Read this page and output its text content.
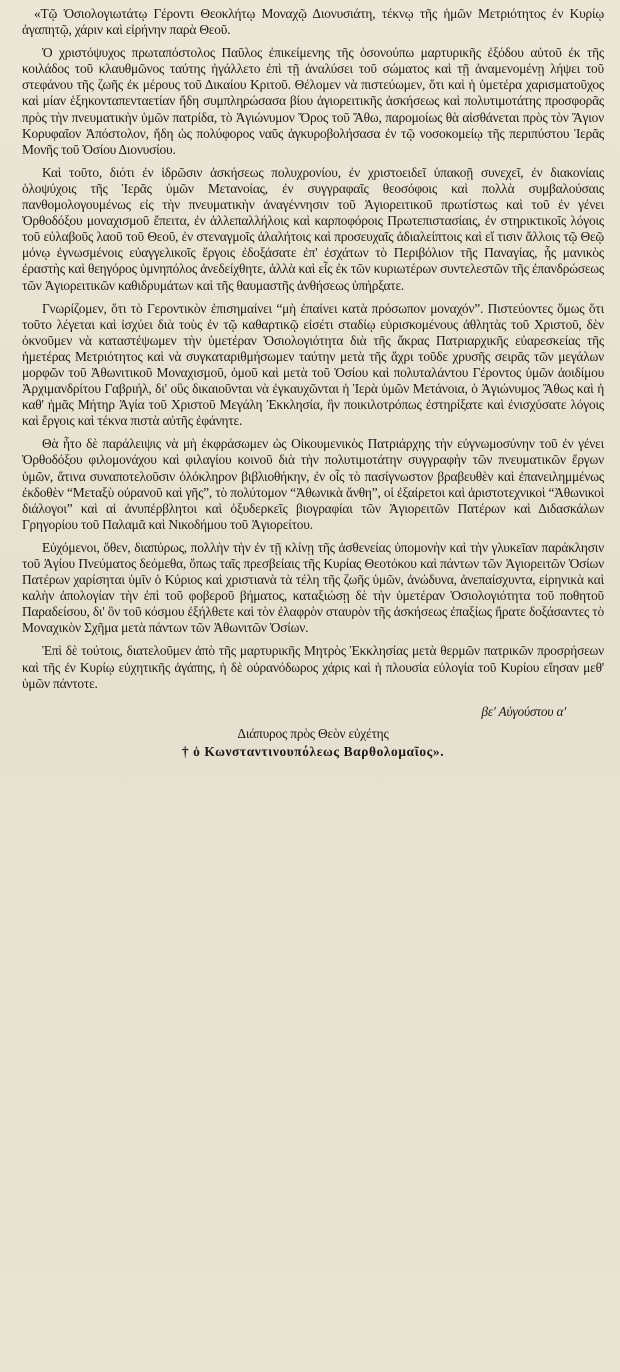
«Τῷ Ὁσιολογιωτάτῳ Γέροντι Θεοκλήτῳ Μοναχῷ Διονυσιάτη, τέκνῳ τῆς ἡμῶν Μετριότητος ἐν Κυρίῳ ἀγαπητῷ, χάριν καὶ εἰρήνην παρὰ Θεοῦ.

Ὁ χριστόψυχος πρωταπόστολος Παῦλος ἐπικείμενης τῆς ὁσονούπω μαρτυρικῆς ἐξόδου αὐτοῦ ἐκ τῆς κοιλάδος τοῦ κλαυθμῶνος ταύτης ἠγάλλετο ἐπὶ τῇ ἀναλύσει τοῦ σώματος καὶ τῇ ἀναμενομένῃ λήψει τοῦ στεφάνου τῆς ζωῆς ἐκ μέρους τοῦ Δικαίου Κριτοῦ. Θέλομεν νὰ πιστεύωμεν, ὅτι καὶ ἡ ὑμετέρα χαρισματοῦχος καὶ μίαν ἑξηκονταπενταετίαν ἤδη συμπληρώσασα βίου ἁγιορειτικῆς ἀσκήσεως καὶ πολυτιμοτάτης προσφορᾶς πρὸς τὴν πνευματικὴν ὑμῶν πατρίδα, τὸ Ἁγιώνυμον Ὄρος τοῦ Ἄθω, παρομοίως θὰ αἰσθάνεται πρὸς τὸν Ἅγιον Κορυφαῖον Ἀπόστολον, ἤδη ὡς πολύφορος ναῦς ἀγκυροβολήσασα ἐν τῷ νοσοκομείῳ τῆς περιπύστου Ἱερᾶς Μονῆς τοῦ Ὁσίου Διονυσίου.

Καὶ τοῦτο, διότι ἐν ἱδρῶσιν ἀσκήσεως πολυχρονίου, ἐν χριστοειδεῖ ὑπακοῇ συνεχεῖ, ἐν διακονίαις ὁλοψύχοις τῆς Ἱερᾶς ὑμῶν Μετανοίας, ἐν συγγραφαῖς θεοσόφοις καὶ πολλὰ συμβαλούσαις πανθομολογουμένως εἰς τὴν πνευματικὴν ἀναγέννησιν τοῦ Ἁγιορειτικοῦ πρωτίστως καὶ τοῦ ἐν γένει Ὀρθοδόξου μοναχισμοῦ ἔπειτα, ἐν ἀλλεπαλλήλοις καὶ καρποφόροις Πρωτεπιστασίαις, ἐν στηρικτικοῖς λόγοις τοῦ εὐλαβοῦς λαοῦ τοῦ Θεοῦ, ἐν στεναγμοῖς ἀλαλήτοις καὶ προσευχαῖς ἀδιαλείπτοις καὶ εἴ τισιν ἄλλοις τῷ Θεῷ μόνῳ ἐγνωσμένοις εὐαγγελικοῖς ἔργοις ἐδοξάσατε ἐπ' ἐσχάτων τὸ Περιβόλιον τῆς Παναγίας, ἧς μανικὸς ἐραστὴς καὶ θεηγόρος ὑμνηπόλος ἀνεδείχθητε, ἀλλὰ καὶ εἷς ἐκ τῶν κυριωτέρων συντελεστῶν τῆς ἐπανδρώσεως τῶν Ἁγιορειτικῶν καθιδρυμάτων καὶ τῆς θαυμαστῆς ἀνθήσεως ὑπήρξατε.

Γνωρίζομεν, ὅτι τὸ Γεροντικὸν ἐπισημαίνει “μὴ ἐπαίνει κατὰ πρόσωπον μοναχόν”. Πιστεύοντες ὅμως ὅτι τοῦτο λέγεται καὶ ἰσχύει διὰ τοὺς ἐν τῷ καθαρτικῷ εἰσέτι σταδίῳ εὑρισκομένους ἀθλητὰς τοῦ Χριστοῦ, δὲν ὀκνοῦμεν νὰ καταστέψωμεν τὴν ὑμετέραν Ὁσιολογιότητα διὰ τῆς ἄκρας Πατριαρχικῆς εὐαρεσκείας τῆς ἡμετέρας Μετριότητος καὶ νὰ συγκαταριθμήσωμεν ταύτην μετὰ τῆς ἄχρι τοῦδε χρυσῆς σειρᾶς τῶν μεγάλων μορφῶν τοῦ Ἀθωνιτικοῦ Μοναχισμοῦ, ὁμοῦ καὶ μετὰ τοῦ Ὁσίου καὶ πολυταλάντου Γέροντος ὑμῶν ἀοιδίμου Ἀρχιμανδρίτου Γαβριήλ, δι' οὓς δικαιοῦνται νὰ ἐγκαυχῶνται ἡ Ἱερὰ ὑμῶν Μετάνοια, ὁ Ἁγιώνυμος Ἄθως καὶ ἡ καθ' ἡμᾶς Μήτηρ Ἁγία τοῦ Χριστοῦ Μεγάλη Ἐκκλησία, ἣν ποικιλοτρόπως ἐστηρίξατε καὶ ἐνισχύσατε λόγοις καὶ ἔργοις καὶ τέκνα πιστὰ αὐτῆς ἐφάνητε.

Θὰ ἦτο δὲ παράλειψις νὰ μὴ ἐκφράσωμεν ὡς Οἰκουμενικὸς Πατριάρχης τὴν εὐγνωμοσύνην τοῦ ἐν γένει Ὀρθοδόξου φιλομονάχου καὶ φιλαγίου κοινοῦ διὰ τὴν πολυτιμοτάτην συγγραφὴν τῶν πνευματικῶν ἔργων ὑμῶν, ἅτινα συναποτελοῦσιν ὁλόκληρον βιβλιοθήκην, ἐν οἷς τὸ πασίγνωστον βραβευθὲν καὶ ἐπανειλημμένως ἐκδοθὲν “Μεταξὺ οὐρανοῦ καὶ γῆς”, τὸ πολύτομον “Ἀθωνικὰ ἄνθη”, οἱ ἐξαίρετοι καὶ ἀριστοτεχνικοὶ “Ἀθωνικοὶ διάλογοι” καὶ αἱ ἀνυπέρβλητοι καὶ ὀξυδερκεῖς βιογραφίαι τῶν Ἁγιορειτῶν Πατέρων καὶ Διδασκάλων Γρηγορίου τοῦ Παλαμᾶ καὶ Νικοδήμου τοῦ Ἁγιορείτου.

Εὐχόμενοι, ὅθεν, διαπύρως, πολλὴν τὴν ἐν τῇ κλίνῃ τῆς ἀσθενείας ὑπομονὴν καὶ τὴν γλυκεῖαν παράκλησιν τοῦ Ἁγίου Πνεύματος δεόμεθα, ὅπως ταῖς πρεσβείαις τῆς Κυρίας Θεοτόκου καὶ πάντων τῶν Ἁγιορειτῶν Ὁσίων Πατέρων χαρίσηται ὑμῖν ὁ Κύριος καὶ χριστιανὰ τὰ τέλη τῆς ζωῆς ὑμῶν, ἀνώδυνα, ἀνεπαίσχυντα, εἰρηνικὰ καὶ καλὴν ἀπολογίαν τὴν ἐπὶ τοῦ φοβεροῦ βήματος, καταξιώσῃ δὲ τὴν ὑμετέραν Ὁσιολογιότητα τοῦ ποθητοῦ Παραδείσου, δι' ὃν τοῦ κόσμου ἐξήλθετε καὶ τὸν ἐλαφρὸν σταυρὸν τῆς ἀσκήσεως ἐπαξίως ἤρατε δοξάσαντες τὸ Μοναχικὸν Σχῆμα μετὰ πάντων τῶν Ἀθωνιτῶν Ὁσίων.

Ἐπὶ δὲ τούτοις, διατελοῦμεν ἀπὸ τῆς μαρτυρικῆς Μητρὸς Ἐκκλησίας μετὰ θερμῶν πατρικῶν προσρήσεων καὶ τῆς ἐν Κυρίῳ εὐχητικῆς ἀγάπης, ἡ δὲ οὐρανόδωρος χάρις καὶ ἡ πλουσία εὐλογία τοῦ Κυρίου εἴησαν μεθ' ὑμῶν πάντοτε.

βε' Αὐγούστου α'

Διάπυρος πρὸς Θεὸν εὐχέτης

† ὁ Κωνσταντινουπόλεως Βαρθολομαῖος».
